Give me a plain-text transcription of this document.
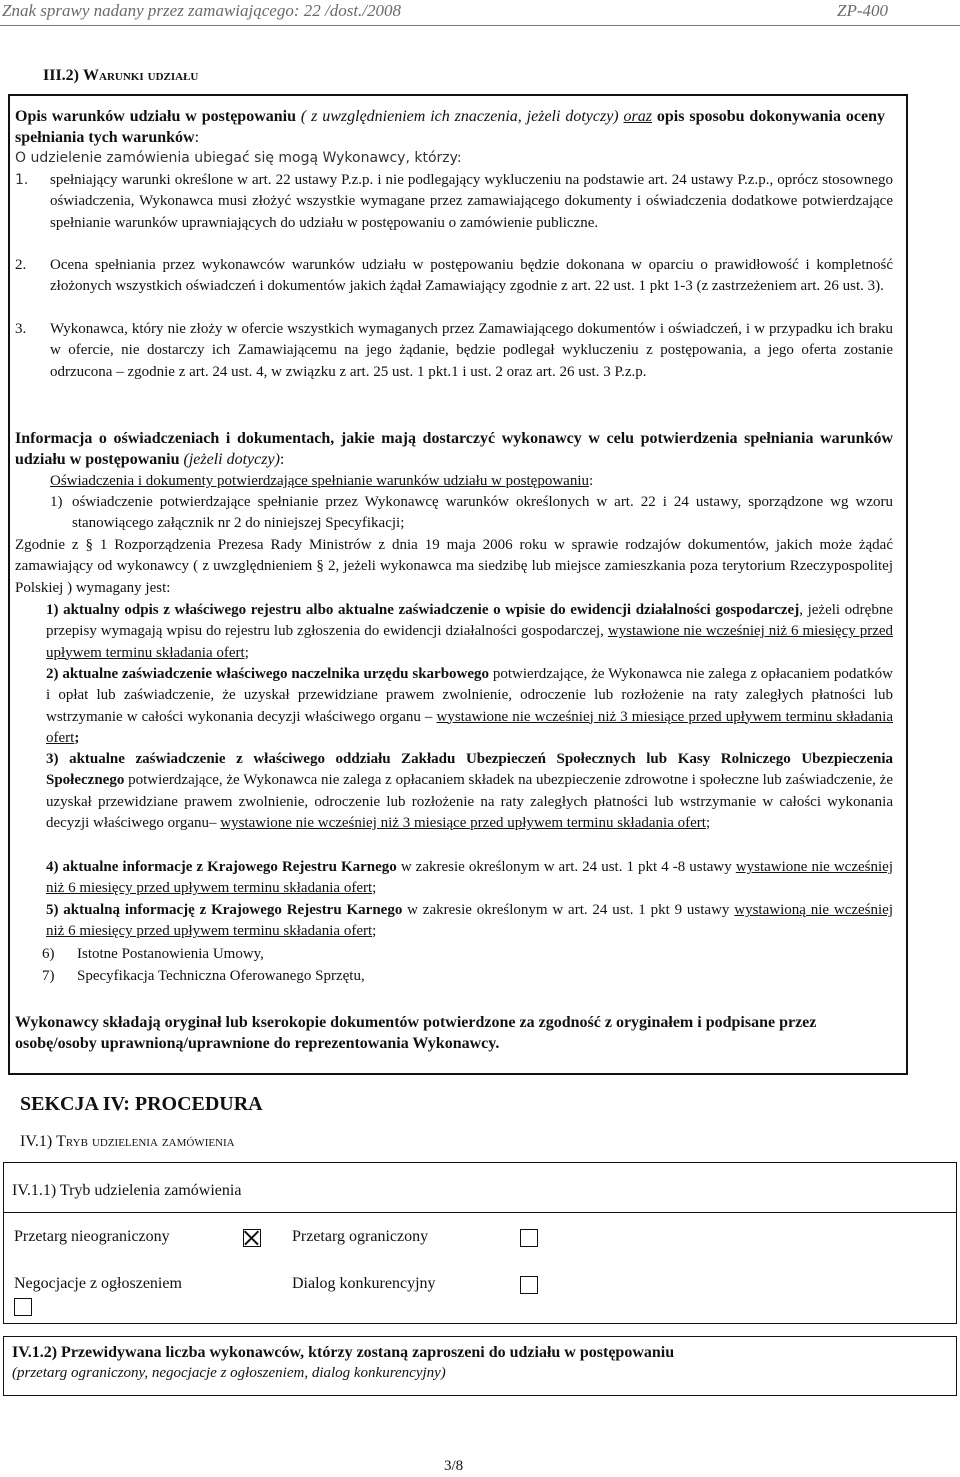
Znak sprawy nadany przez zamawiającego: 22 /dost./2008	ZP-400
III.2) Warunki udziału

Opis warunków udziału w postępowaniu ( z uwzględnieniem ich znaczenia, jeżeli dotyczy) oraz opis sposobu dokonywania oceny spełniania tych warunków:

O udzielenie zamówienia ubiegać się mogą Wykonawcy, którzy:

1. spełniający warunki określone w art. 22 ustawy P.z.p. i nie podlegający wykluczeniu na podstawie art. 24 ustawy P.z.p., oprócz stosownego oświadczenia, Wykonawca musi złożyć wszystkie wymagane przez zamawiającego dokumenty i oświadczenia dodatkowe potwierdzające spełnianie warunków uprawniających do udziału w postępowaniu o zamówienie publiczne.

2. Ocena spełniania przez wykonawców warunków udziału w postępowaniu będzie dokonana w oparciu o prawidłowość i kompletność złożonych wszystkich oświadczeń i dokumentów jakich żądał Zamawiający zgodnie z art. 22 ust. 1 pkt 1-3 (z zastrzeżeniem art. 26 ust. 3).

3. Wykonawca, który nie złoży w ofercie wszystkich wymaganych przez Zamawiającego dokumentów i oświadczeń, i w przypadku ich braku w ofercie, nie dostarczy ich Zamawiającemu na jego żądanie, będzie podlegał wykluczeniu z postępowania, a jego oferta zostanie odrzucona – zgodnie z art. 24 ust. 4, w związku z art. 25 ust. 1 pkt.1 i ust. 2 oraz art. 26 ust. 3 P.z.p.

Informacja o oświadczeniach i dokumentach, jakie mają dostarczyć wykonawcy w celu potwierdzenia spełniania warunków udziału w postępowaniu (jeżeli dotyczy):

Oświadczenia i dokumenty potwierdzające spełnianie warunków udziału w postępowaniu:

1) oświadczenie potwierdzające spełnianie przez Wykonawcę warunków określonych w art. 22 i 24 ustawy, sporządzone wg wzoru stanowiącego załącznik nr 2 do niniejszej Specyfikacji;

Zgodnie z § 1 Rozporządzenia Prezesa Rady Ministrów z dnia 19 maja 2006 roku w sprawie rodzajów dokumentów, jakich może żądać zamawiający od wykonawcy ( z uwzględnieniem § 2, jeżeli wykonawca ma siedzibę lub miejsce zamieszkania poza terytorium Rzeczypospolitej Polskiej ) wymagany jest:

1) aktualny odpis z właściwego rejestru albo aktualne zaświadczenie o wpisie do ewidencji działalności gospodarczej, jeżeli odrębne przepisy wymagają wpisu do rejestru lub zgłoszenia do ewidencji działalności gospodarczej, wystawione nie wcześniej niż 6 miesięcy przed upływem terminu składania ofert;

2) aktualne zaświadczenie właściwego naczelnika urzędu skarbowego potwierdzające, że Wykonawca nie zalega z opłacaniem podatków i opłat lub zaświadczenie, że uzyskał przewidziane prawem zwolnienie, odroczenie lub rozłożenie na raty zaległych płatności lub wstrzymanie w całości wykonania decyzji właściwego organu – wystawione nie wcześniej niż 3 miesiące przed upływem terminu składania ofert;

3) aktualne zaświadczenie z właściwego oddziału Zakładu Ubezpieczeń Społecznych lub Kasy Rolniczego Ubezpieczenia Społecznego potwierdzające, że Wykonawca nie zalega z opłacaniem składek na ubezpieczenie zdrowotne i społeczne lub zaświadczenie, że uzyskał przewidziane prawem zwolnienie, odroczenie lub rozłożenie na raty zaległych płatności lub wstrzymanie w całości wykonania decyzji właściwego organu– wystawione nie wcześniej niż 3 miesiące przed upływem terminu składania ofert;

4) aktualne informacje z Krajowego Rejestru Karnego w zakresie określonym w art. 24 ust. 1 pkt 4 -8 ustawy wystawione nie wcześniej niż 6 miesięcy przed upływem terminu składania ofert;

5) aktualną informację z Krajowego Rejestru Karnego w zakresie określonym w art. 24 ust. 1 pkt 9 ustawy wystawioną nie wcześniej niż 6 miesięcy przed upływem terminu składania ofert;

6) Istotne Postanowienia Umowy,

7) Specyfikacja Techniczna Oferowanego Sprzętu,

Wykonawcy składają oryginał lub kserokopie dokumentów potwierdzone za zgodność z oryginałem i podpisane przez osobę/osoby uprawnioną/uprawnione do reprezentowania Wykonawcy.

SEKCJA IV: PROCEDURA
IV.1) Tryb udzielenia zamówienia
IV.1.1) Tryb udzielenia zamówienia
Przetarg nieograniczony	Przetarg ograniczony
Negocjacje z ogłoszeniem	Dialog konkurencyjny
IV.1.2) Przewidywana liczba wykonawców, którzy zostaną zaproszeni do udziału w postępowaniu
(przetarg ograniczony, negocjacje z ogłoszeniem, dialog konkurencyjny)
3/8
